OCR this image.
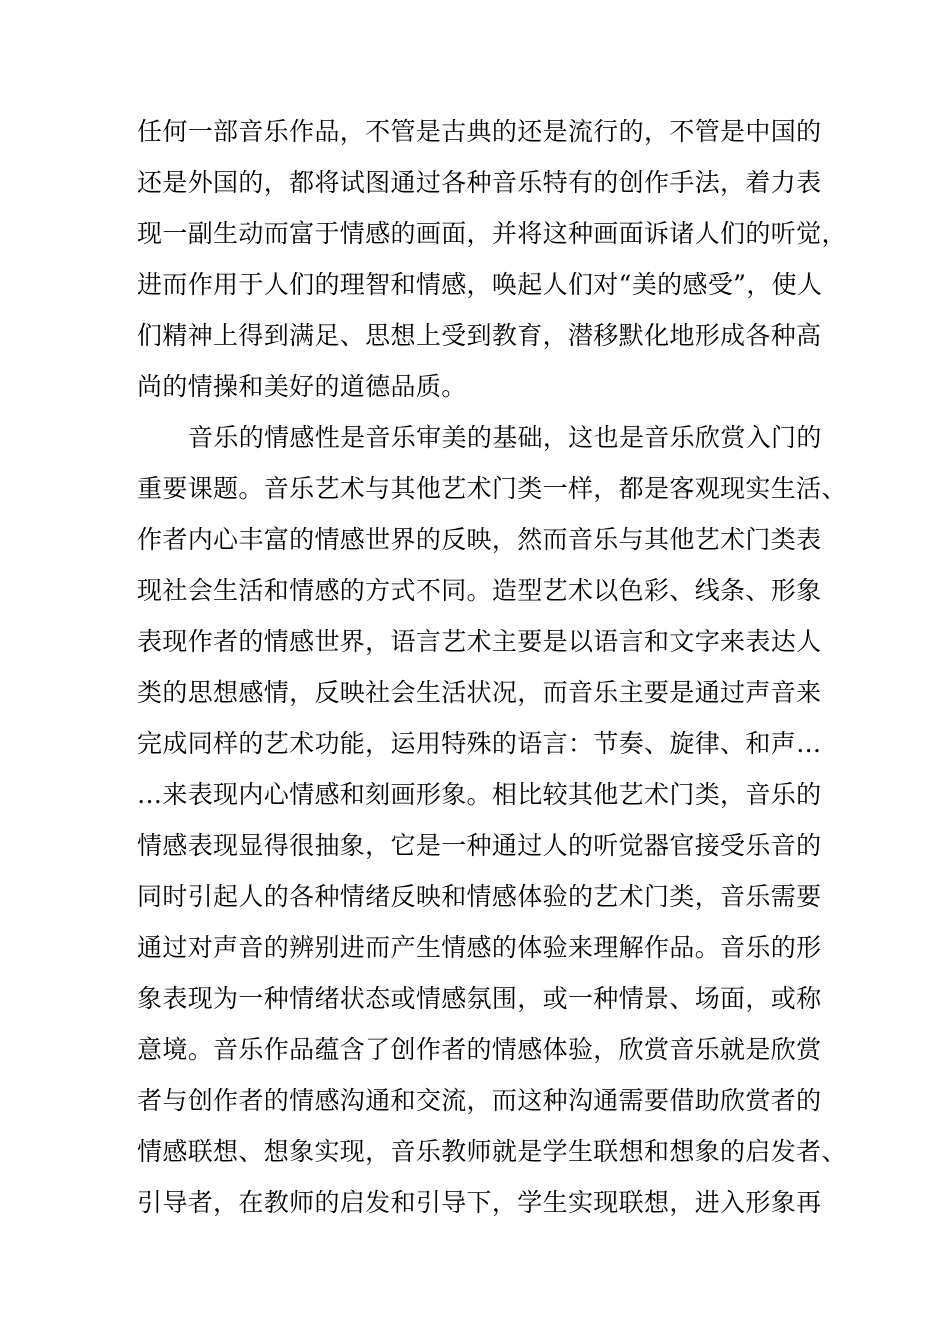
任何一部音乐作品，不管是古典的还是流行的，不管是中国的
还是外国的，都将试图通过各种音乐特有的创作手法，着力表
现一副生动而富于情感的画面，并将这种画面诉诸人们的听觉，
进而作用于人们的理智和情感，唤起人们对“美的感受”，使人
们精神上得到满足、思想上受到教育，潜移默化地形成各种高
尚的情操和美好的道德品质。
音乐的情感性是音乐审美的基础，这也是音乐欣赏入门的
重要课题。音乐艺术与其他艺术门类一样，都是客观现实生活、
作者内心丰富的情感世界的反映，然而音乐与其他艺术门类表
现社会生活和情感的方式不同。造型艺术以色彩、线条、形象
表现作者的情感世界，语言艺术主要是以语言和文字来表达人
类的思想感情，反映社会生活状况，而音乐主要是通过声音来
完成同样的艺术功能，运用特殊的语言：节奏、旋律、和声…
…来表现内心情感和刻画形象。相比较其他艺术门类，音乐的
情感表现显得很抽象，它是一种通过人的听觉器官接受乐音的
同时引起人的各种情绪反映和情感体验的艺术门类，音乐需要
通过对声音的辨别进而产生情感的体验来理解作品。音乐的形
象表现为一种情绪状态或情感氛围，或一种情景、场面，或称
意境。音乐作品蕴含了创作者的情感体验，欣赏音乐就是欣赏
者与创作者的情感沟通和交流，而这种沟通需要借助欣赏者的
情感联想、想象实现，音乐教师就是学生联想和想象的启发者、
引导者，在教师的启发和引导下，学生实现联想，进入形象再
